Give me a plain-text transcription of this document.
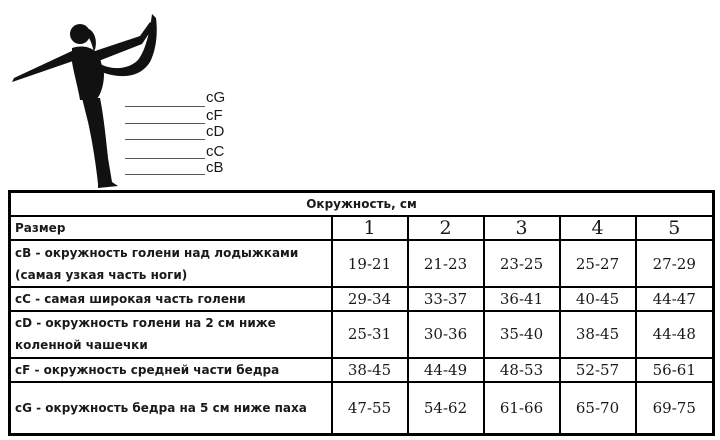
cG
cF
cD
cC
cB
Окружность, см					
Размер	1	2	3	4	5

cB - окружность голени над лодыжками
(самая узкая часть ноги)	19-21	21-23	23-25	25-27	27-29

cC - самая широкая часть голени	29-34	33-37	36-41	40-45	44-47

cD - окружность голени на 2 см ниже
коленной чашечки	25-31	30-36	35-40	38-45	44-48

cF - окружность средней части бедра	38-45	44-49	48-53	52-57	56-61

cG - окружность бедра на 5 см ниже паха	47-55	54-62	61-66	65-70	69-75
